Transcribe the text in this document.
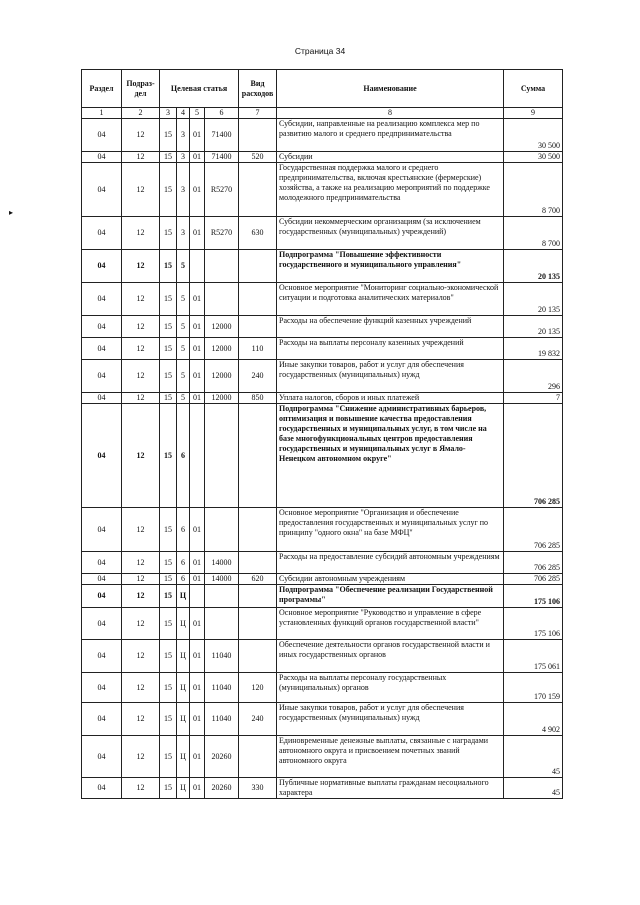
Страница 34
▸
Раздел	Подраз-дел	Целевая статья				Вид расходов	Наименование	Сумма
1	2	3	4	5	6	7	8	9
04	12	15	3	01	71400		Субсидии, направленные на реализацию комплекса мер по развитию малого и среднего предпринимательства	30 500
04	12	15	3	01	71400	520	Субсидии	30 500
04	12	15	3	01	R5270		Государственная поддержка малого и среднего предпринимательства, включая крестьянские (фермерские) хозяйства, а также на реализацию мероприятий по поддержке молодежного предпринимательства	8 700
04	12	15	3	01	R5270	630	Субсидии некоммерческим организациям (за исключением государственных (муниципальных) учреждений)	8 700
04	12	15	5				Подпрограмма "Повышение эффективности государственного и муниципального управления"	20 135
04	12	15	5	01			Основное мероприятие "Мониторинг социально-экономической ситуации и подготовка аналитических материалов"	20 135
04	12	15	5	01	12000		Расходы на обеспечение функций казенных учреждений	20 135
04	12	15	5	01	12000	110	Расходы на выплаты персоналу казенных учреждений	19 832
04	12	15	5	01	12000	240	Иные закупки товаров, работ и услуг для обеспечения государственных (муниципальных) нужд	296
04	12	15	5	01	12000	850	Уплата налогов, сборов и иных платежей	7
04	12	15	6				Подпрограмма "Снижение административных барьеров, оптимизация и повышение качества предоставления государственных и муниципальных услуг, в том числе на базе многофункциональных центров предоставления государственных и муниципальных услуг в Ямало-Ненецком автономном округе"	706 285
04	12	15	6	01			Основное мероприятие "Организация и обеспечение предоставления государственных и муниципальных услуг по принципу "одного окна" на базе МФЦ"	706 285
04	12	15	6	01	14000		Расходы на предоставление субсидий автономным учреждениям	706 285
04	12	15	6	01	14000	620	Субсидии автономным учреждениям	706 285
04	12	15	Ц				Подпрограмма "Обеспечение реализации Государственной программы"	175 106
04	12	15	Ц	01			Основное мероприятие "Руководство и управление в сфере установленных функций органов государственной власти"	175 106
04	12	15	Ц	01	11040		Обеспечение деятельности органов государственной власти и иных государственных органов	175 061
04	12	15	Ц	01	11040	120	Расходы на выплаты персоналу государственных (муниципальных) органов	170 159
04	12	15	Ц	01	11040	240	Иные закупки товаров, работ и услуг для обеспечения государственных (муниципальных) нужд	4 902
04	12	15	Ц	01	20260		Единовременные денежные выплаты, связанные с наградами автономного округа и присвоением почетных званий автономного округа	45
04	12	15	Ц	01	20260	330	Публичные нормативные выплаты гражданам несоциального характера	45
